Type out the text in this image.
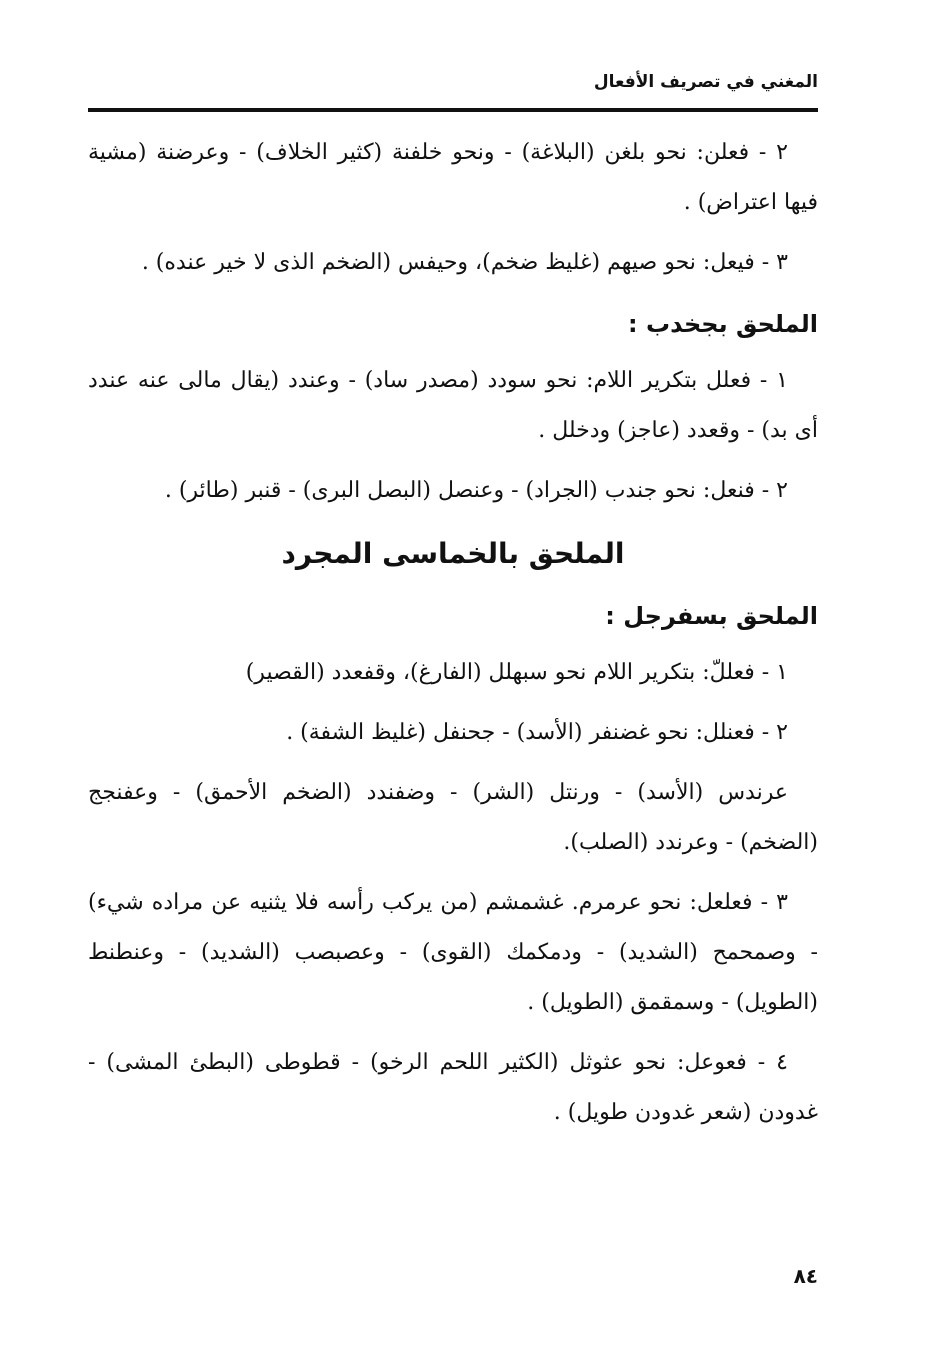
المغني في تصريف الأفعال

٢ - فعلن: نحو بلغن (البلاغة) - ونحو خلفنة (كثير الخلاف) - وعرضنة (مشية فيها اعتراض) .

٣ - فيعل: نحو صيهم (غليظ ضخم)، وحيفس (الضخم الذى لا خير عنده) .

الملحق بجخدب :

١ - فعلل بتكرير اللام: نحو سودد (مصدر ساد) - وعندد (يقال مالى عنه عندد أى بد) - وقعدد (عاجز) ودخلل .

٢ - فنعل: نحو جندب (الجراد) - وعنصل (البصل البرى) - قنبر (طائر) .

الملحق بالخماسى المجرد
الملحق بسفرجل :

١ - فعللّ: بتكرير اللام نحو سبهلل (الفارغ)، وقفعدد (القصير)

٢ - فعنلل: نحو غضنفر (الأسد) - جحنفل (غليظ الشفة) .

عرندس (الأسد) - ورنتل (الشر) - وضفندد (الضخم الأحمق) - وعفنجج (الضخم) - وعرندد (الصلب).

٣ - فعلعل: نحو عرمرم. غشمشم (من يركب رأسه فلا يثنيه عن مراده شيء) - وصمحمح (الشديد) - ودمكمك (القوى) - وعصبصب (الشديد) - وعنطنط (الطويل) - وسمقمق (الطويل) .

٤ - فعوعل: نحو عثوثل (الكثير اللحم الرخو) - قطوطى (البطئ المشى) - غدودن (شعر غدودن طويل) .

٨٤
